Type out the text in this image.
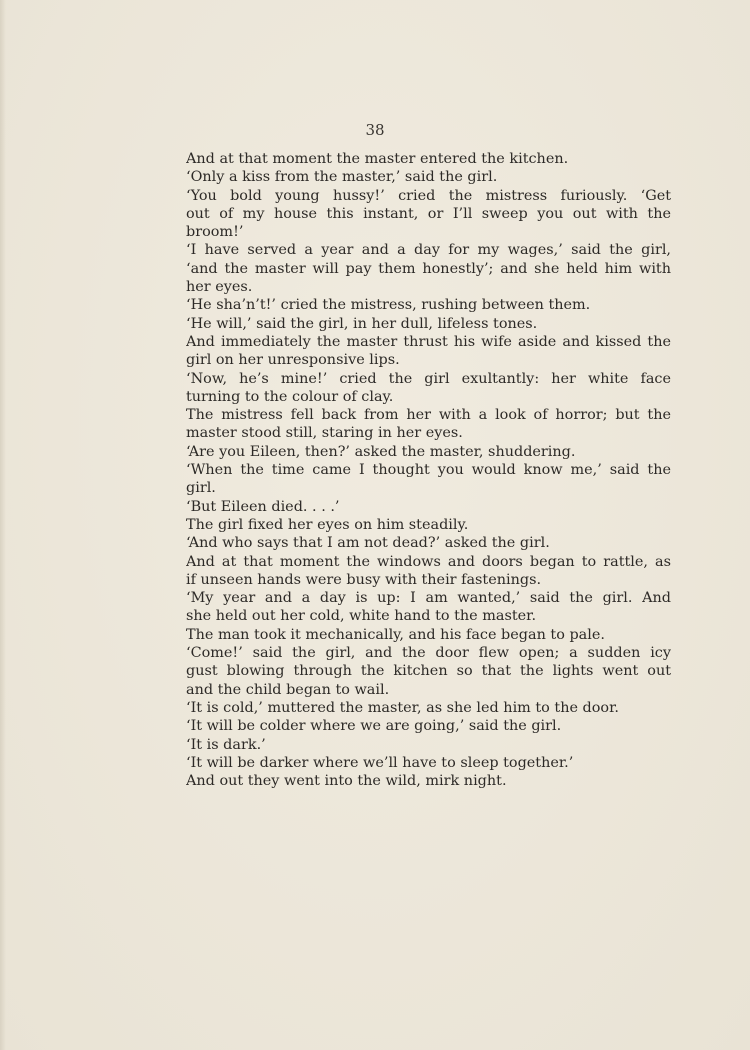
38
And at that moment the master entered the kitchen.
‘Only a kiss from the master,’ said the girl.
‘You bold young hussy!’ cried the mistress furiously. ‘Get
out of my house this instant, or I’ll sweep you out with the
broom!’
‘I have served a year and a day for my wages,’ said the girl,
‘and the master will pay them honestly’; and she held him with
her eyes.
‘He sha’n’t!’ cried the mistress, rushing between them.
‘He will,’ said the girl, in her dull, lifeless tones.
And immediately the master thrust his wife aside and kissed the
girl on her unresponsive lips.
‘Now, he’s mine!’ cried the girl exultantly: her white face
turning to the colour of clay.
The mistress fell back from her with a look of horror; but the
master stood still, staring in her eyes.
‘Are you Eileen, then?’ asked the master, shuddering.
‘When the time came I thought you would know me,’ said the
girl.
‘But Eileen died. . . .’
The girl fixed her eyes on him steadily.
‘And who says that I am not dead?’ asked the girl.
And at that moment the windows and doors began to rattle, as
if unseen hands were busy with their fastenings.
‘My year and a day is up: I am wanted,’ said the girl. And
she held out her cold, white hand to the master.
The man took it mechanically, and his face began to pale.
‘Come!’ said the girl, and the door flew open; a sudden icy
gust blowing through the kitchen so that the lights went out
and the child began to wail.
‘It is cold,’ muttered the master, as she led him to the door.
‘It will be colder where we are going,’ said the girl.
‘It is dark.’
‘It will be darker where we’ll have to sleep together.’
And out they went into the wild, mirk night.
